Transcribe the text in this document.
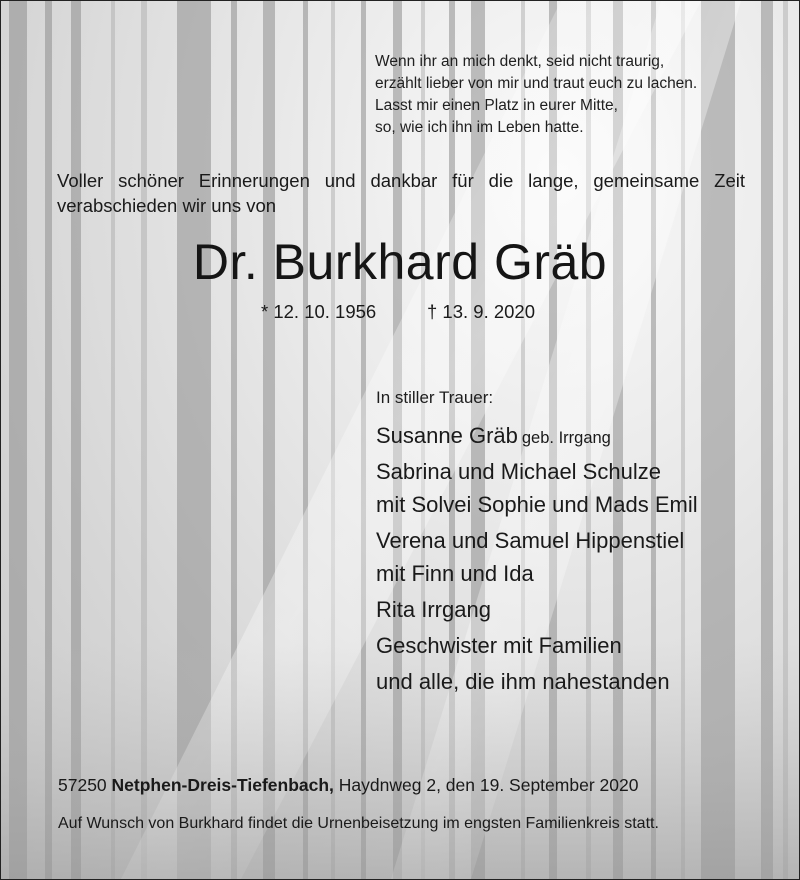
Wenn ihr an mich denkt, seid nicht traurig,
erzählt lieber von mir und traut euch zu lachen.
Lasst mir einen Platz in eurer Mitte,
so, wie ich ihn im Leben hatte.
Voller schöner Erinnerungen und dankbar für die lange, gemeinsame Zeit
verabschieden wir uns von
Dr. Burkhard Gräb
* 12. 10. 1956	† 13. 9. 2020
In stiller Trauer:
Susanne Gräb geb. Irrgang
Sabrina und Michael Schulze
mit Solvei Sophie und Mads Emil
Verena und Samuel Hippenstiel
mit Finn und Ida
Rita Irrgang
Geschwister mit Familien
und alle, die ihm nahestanden
57250 Netphen-Dreis-Tiefenbach, Haydnweg 2, den 19. September 2020
Auf Wunsch von Burkhard findet die Urnenbeisetzung im engsten Familienkreis statt.
